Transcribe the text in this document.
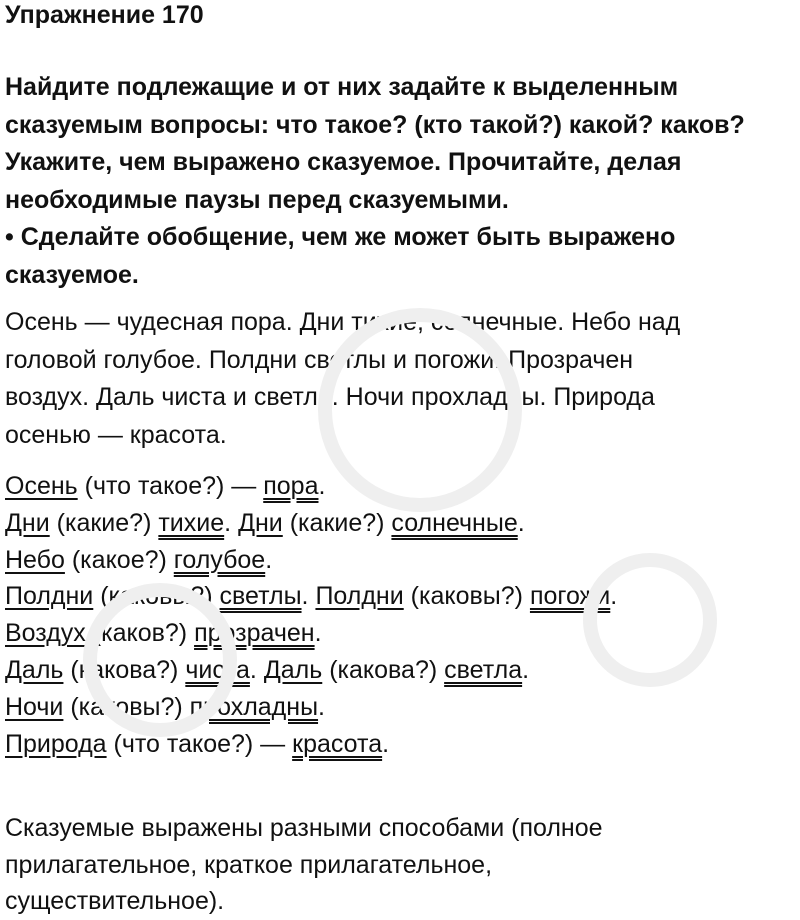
Упражнение 170
Найдите подлежащие и от них задайте к выделенным
сказуемым вопросы: что такое? (кто такой?) какой? каков?
Укажите, чем выражено сказуемое. Прочитайте, делая
необходимые паузы перед сказуемыми.
• Сделайте обобщение, чем же может быть выражено
сказуемое.
Осень — чудесная пора. Дни тихие, солнечные. Небо над
головой голубое. Полдни светлы и погожи. Прозрачен
воздух. Даль чиста и светла. Ночи прохладны. Природа
осенью — красота.
Осень (что такое?) — пора.
Дни (какие?) тихие. Дни (какие?) солнечные.
Небо (какое?) голубое.
Полдни (каковы?) светлы. Полдни (каковы?) погожи.
Воздух (каков?) прозрачен.
Даль (какова?) чиста. Даль (какова?) светла.
Ночи (каковы?) прохладны.
Природа (что такое?) — красота.
Сказуемые выражены разными способами (полное
прилагательное, краткое прилагательное,
существительное).
